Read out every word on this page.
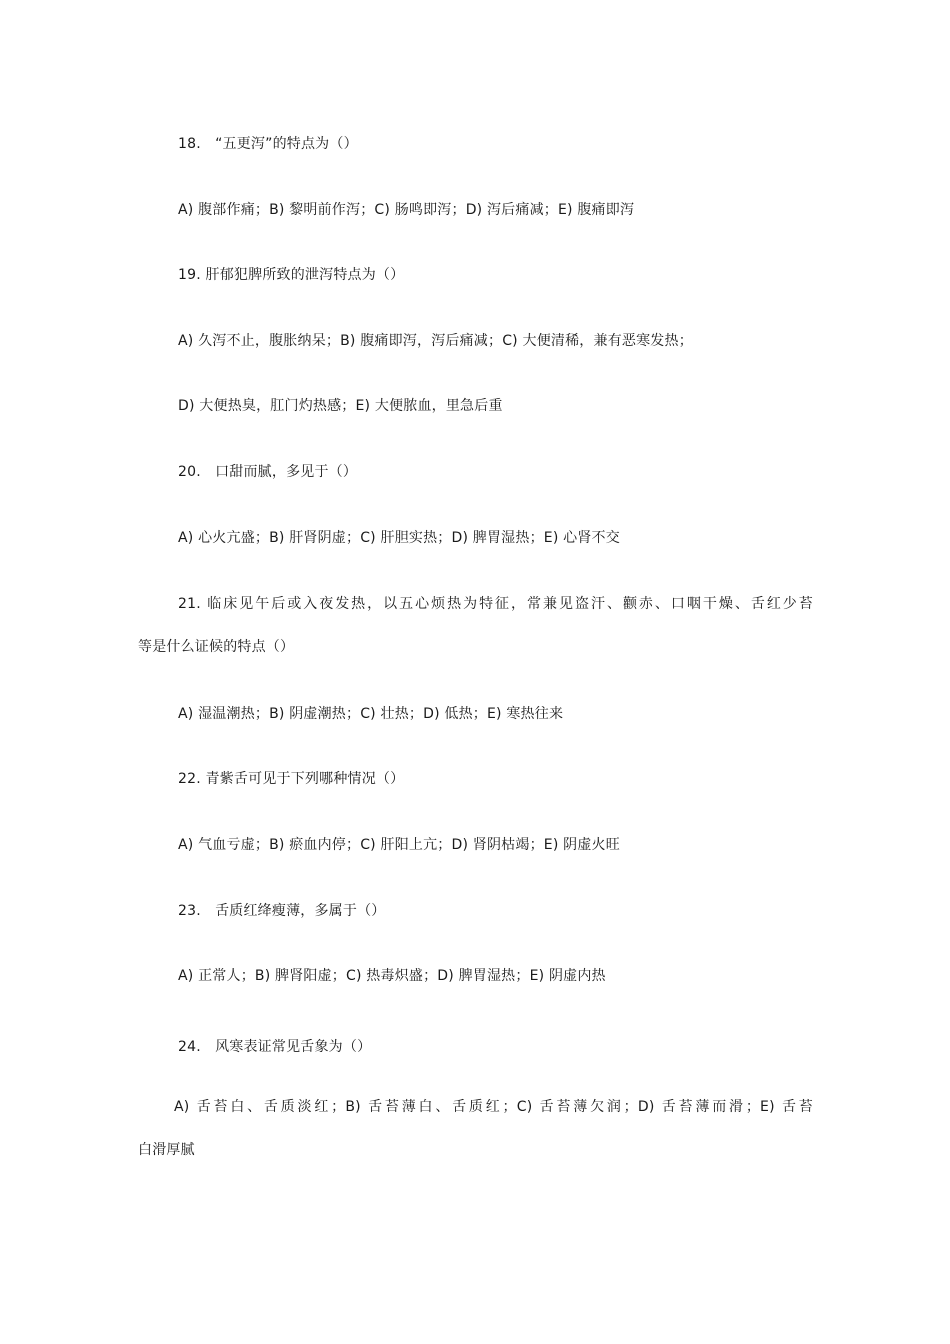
18.　“五更泻”的特点为（）
A) 腹部作痛；B) 黎明前作泻；C) 肠鸣即泻；D) 泻后痛减；E) 腹痛即泻
19. 肝郁犯脾所致的泄泻特点为（）
A) 久泻不止，腹胀纳呆；B) 腹痛即泻，泻后痛减；C) 大便清稀，兼有恶寒发热；
D) 大便热臭，肛门灼热感；E) 大便脓血，里急后重
20.　口甜而腻，多见于（）
A) 心火亢盛；B) 肝肾阴虚；C) 肝胆实热；D) 脾胃湿热；E) 心肾不交
21. 临床见午后或入夜发热，以五心烦热为特征，常兼见盗汗、颧赤、口咽干燥、舌红少苔
等是什么证候的特点（）
A) 湿温潮热；B) 阴虚潮热；C) 壮热；D) 低热；E) 寒热往来
22. 青紫舌可见于下列哪种情况（）
A) 气血亏虚；B) 瘀血内停；C) 肝阳上亢；D) 肾阴枯竭；E) 阴虚火旺
23.　舌质红绛瘦薄，多属于（）
A) 正常人；B) 脾肾阳虚；C) 热毒炽盛；D) 脾胃湿热；E) 阴虚内热
24.　风寒表证常见舌象为（）
A) 舌苔白、舌质淡红；B) 舌苔薄白、舌质红；C) 舌苔薄欠润；D) 舌苔薄而滑；E) 舌苔
白滑厚腻
